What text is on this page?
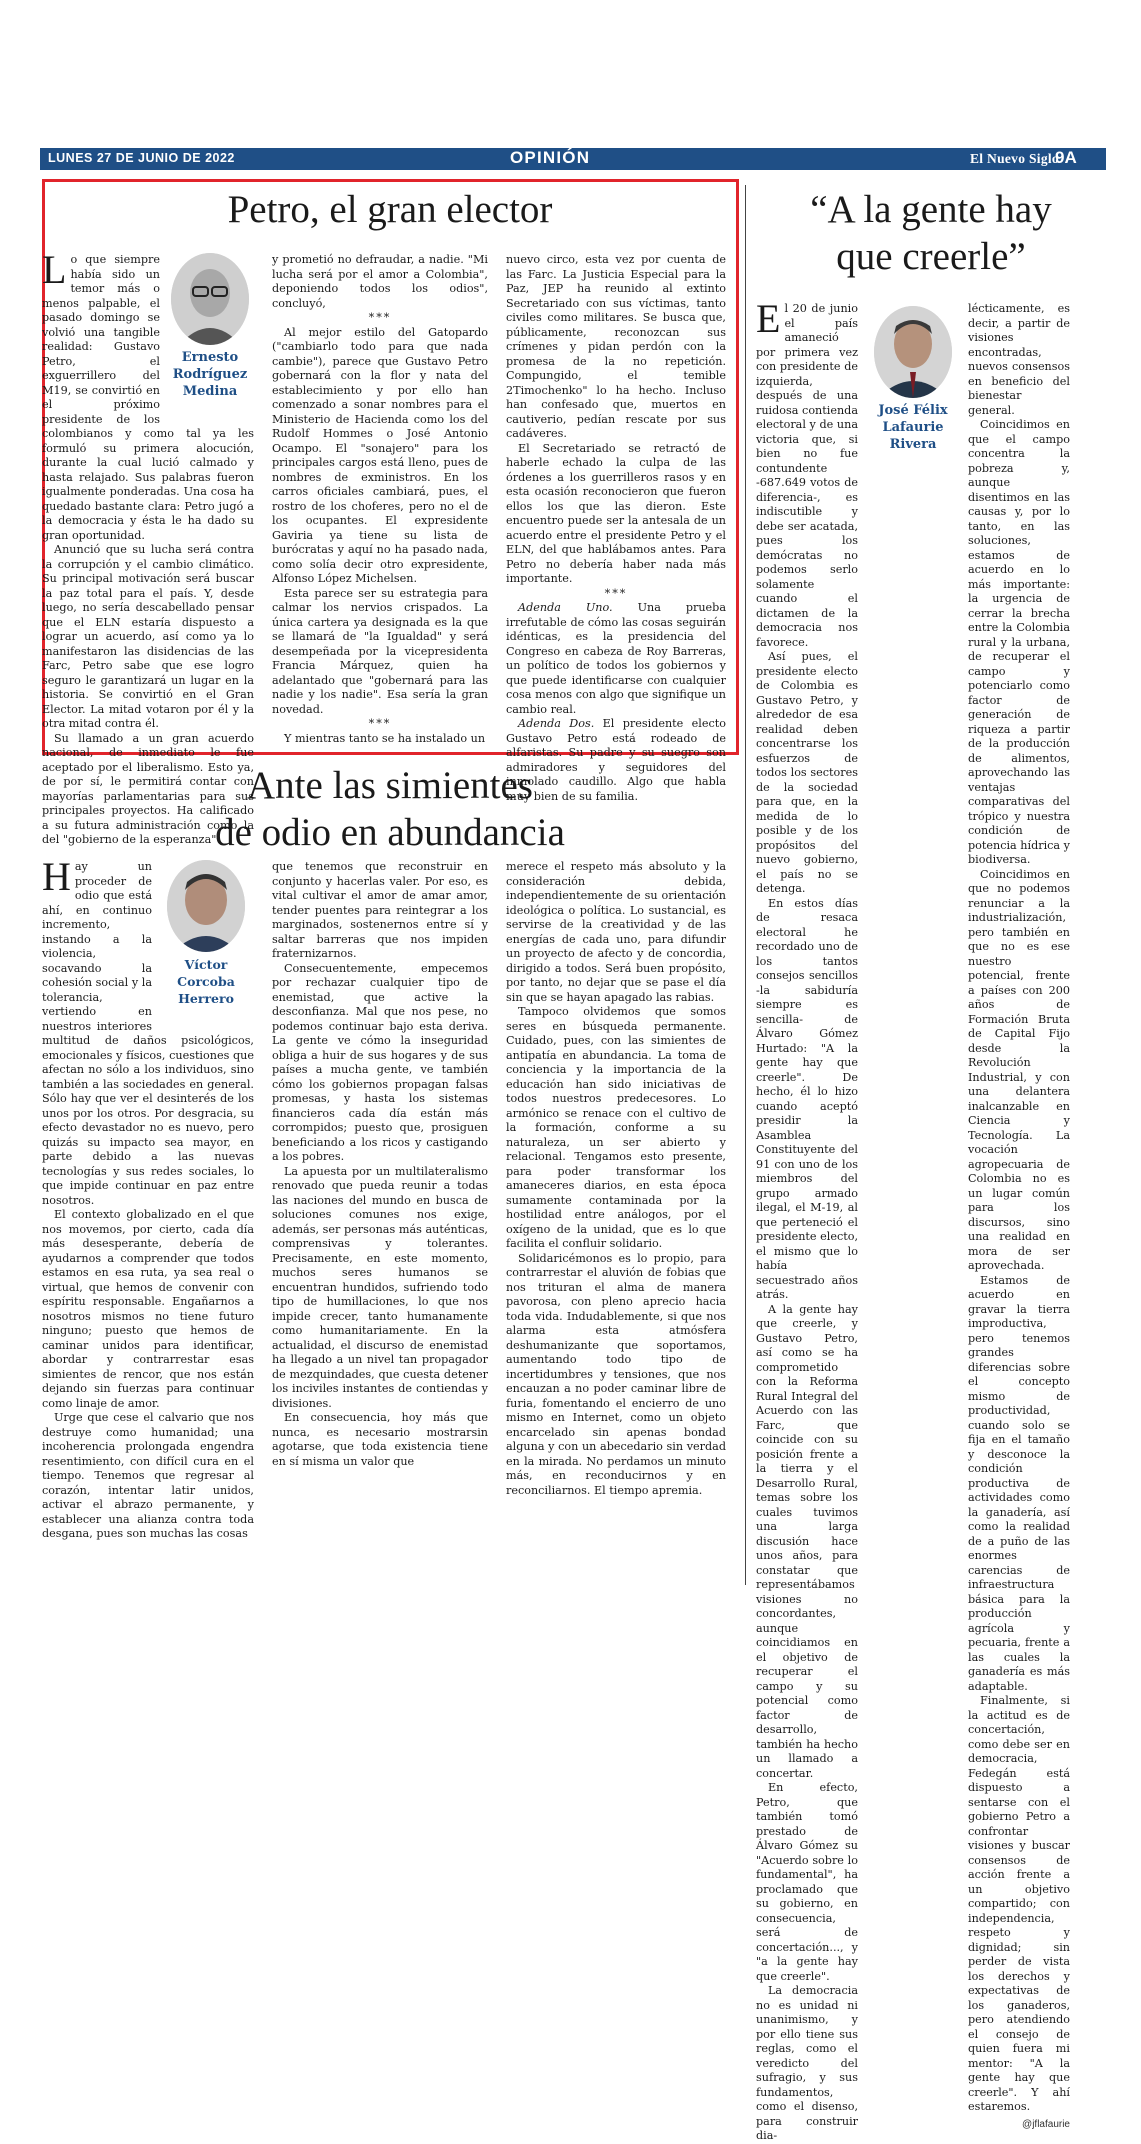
LUNES 27 DE JUNIO DE 2022	OPINIÓN	El Nuevo Siglo
9A
Petro, el gran elector
Ernesto
Rodríguez
Medina

Lo que siempre había sido un temor más o menos palpable, el pasado domingo se volvió una tangible realidad: Gustavo Petro, el exguerrillero del M19, se convirtió en el próximo presidente de los colombianos y como tal ya les formuló su primera alocución, durante la cual lució calmado y hasta relajado. Sus palabras fueron igualmente ponderadas. Una cosa ha quedado bastante clara: Petro jugó a la democracia y ésta le ha dado su gran oportunidad.

Anunció que su lucha será contra la corrupción y el cambio climático. Su principal motivación será buscar la paz total para el país. Y, desde luego, no sería descabellado pensar que el ELN estaría dispuesto a lograr un acuerdo, así como ya lo manifestaron las disidencias de las Farc, Petro sabe que ese logro seguro le garantizará un lugar en la historia. Se convirtió en el Gran Elector. La mitad votaron por él y la otra mitad contra él.

Su llamado a un gran acuerdo nacional, de inmediato le fue aceptado por el liberalismo. Esto ya, de por sí, le permitirá contar con mayorías parlamentarias para sus principales proyectos. Ha calificado a su futura administración como la del "gobierno de la esperanza"

y prometió no defraudar, a nadie. "Mi lucha será por el amor a Colombia", deponiendo todos los odios", concluyó,

***

Al mejor estilo del Gatopardo ("cambiarlo todo para que nada cambie"), parece que Gustavo Petro gobernará con la flor y nata del establecimiento y por ello han comenzado a sonar nombres para el Ministerio de Hacienda como los del Rudolf Hommes o José Antonio Ocampo. El "sonajero" para los principales cargos está lleno, pues de nombres de exministros. En los carros oficiales cambiará, pues, el rostro de los choferes, pero no el de los ocupantes. El expresidente Gaviria ya tiene su lista de burócratas y aquí no ha pasado nada, como solía decir otro expresidente, Alfonso López Michelsen.

Esta parece ser su estrategia para calmar los nervios crispados. La única cartera ya designada es la que se llamará de "la Igualdad" y será desempeñada por la vicepresidenta Francia Márquez, quien ha adelantado que "gobernará para las nadie y los nadie". Esa sería la gran novedad.

***

Y mientras tanto se ha instalado un

nuevo circo, esta vez por cuenta de las Farc. La Justicia Especial para la Paz, JEP ha reunido al extinto Secretariado con sus víctimas, tanto civiles como militares. Se busca que, públicamente, reconozcan sus crímenes y pidan perdón con la promesa de la no repetición. Compungido, el temible 2Timochenko" lo ha hecho. Incluso han confesado que, muertos en cautiverio, pedían rescate por sus cadáveres.

El Secretariado se retractó de haberle echado la culpa de las órdenes a los guerrilleros rasos y en esta ocasión reconocieron que fueron ellos los que las dieron. Este encuentro puede ser la antesala de un acuerdo entre el presidente Petro y el ELN, del que hablábamos antes. Para Petro no debería haber nada más importante.

***

Adenda Uno. Una prueba irrefutable de cómo las cosas seguirán idénticas, es la presidencia del Congreso en cabeza de Roy Barreras, un político de todos los gobiernos y que puede identificarse con cualquier cosa menos con algo que signifique un cambio real.

Adenda Dos. El presidente electo Gustavo Petro está rodeado de alfaristas. Su padre y su suegro son admiradores y seguidores del inmolado caudillo. Algo que habla muy bien de su familia.

Ante las simientes
de odio en abundancia
Víctor Corcoba
Herrero

Hay un proceder de odio que está ahí, en continuo incremento, instando a la violencia, socavando la cohesión social y la tolerancia, vertiendo en nuestros interiores multitud de daños psicológicos, emocionales y físicos, cuestiones que afectan no sólo a los individuos, sino también a las sociedades en general. Sólo hay que ver el desinterés de los unos por los otros. Por desgracia, su efecto devastador no es nuevo, pero quizás su impacto sea mayor, en parte debido a las nuevas tecnologías y sus redes sociales, lo que impide continuar en paz entre nosotros.

El contexto globalizado en el que nos movemos, por cierto, cada día más desesperante, debería de ayudarnos a comprender que todos estamos en esa ruta, ya sea real o virtual, que hemos de convenir con espíritu responsable. Engañarnos a nosotros mismos no tiene futuro ninguno; puesto que hemos de caminar unidos para identificar, abordar y contrarrestar esas simientes de rencor, que nos están dejando sin fuerzas para continuar como linaje de amor.

Urge que cese el calvario que nos destruye como humanidad; una incoherencia prolongada engendra resentimiento, con difícil cura en el tiempo. Tenemos que regresar al corazón, intentar latir unidos, activar el abrazo permanente, y establecer una alianza contra toda desgana, pues son muchas las cosas

que tenemos que reconstruir en conjunto y hacerlas valer. Por eso, es vital cultivar el amor de amar amor, tender puentes para reintegrar a los marginados, sostenernos entre sí y saltar barreras que nos impiden fraternizarnos.

Consecuentemente, empecemos por rechazar cualquier tipo de enemistad, que active la desconfianza. Mal que nos pese, no podemos continuar bajo esta deriva. La gente ve cómo la inseguridad obliga a huir de sus hogares y de sus países a mucha gente, ve también cómo los gobiernos propagan falsas promesas, y hasta los sistemas financieros cada día están más corrompidos; puesto que, prosiguen beneficiando a los ricos y castigando a los pobres.

La apuesta por un multilateralismo renovado que pueda reunir a todas las naciones del mundo en busca de soluciones comunes nos exige, además, ser personas más auténticas, comprensivas y tolerantes. Precisamente, en este momento, muchos seres humanos se encuentran hundidos, sufriendo todo tipo de humillaciones, lo que nos impide crecer, tanto humanamente como humanitariamente. En la actualidad, el discurso de enemistad ha llegado a un nivel tan propagador de mezquindades, que cuesta detener los inciviles instantes de contiendas y divisiones.

En consecuencia, hoy más que nunca, es necesario mostrarsin agotarse, que toda existencia tiene en sí misma un valor que

merece el respeto más absoluto y la consideración debida, independientemente de su orientación ideológica o política. Lo sustancial, es servirse de la creatividad y de las energías de cada uno, para difundir un proyecto de afecto y de concordia, dirigido a todos. Será buen propósito, por tanto, no dejar que se pase el día sin que se hayan apagado las rabias.

Tampoco olvidemos que somos seres en búsqueda permanente. Cuidado, pues, con las simientes de antipatía en abundancia. La toma de conciencia y la importancia de la educación han sido iniciativas de todos nuestros predecesores. Lo armónico se renace con el cultivo de la formación, conforme a su naturaleza, un ser abierto y relacional. Tengamos esto presente, para poder transformar los amaneceres diarios, en esta época sumamente contaminada por la hostilidad entre análogos, por el oxígeno de la unidad, que es lo que facilita el confluir solidario.

Solidaricémonos es lo propio, para contrarrestar el aluvión de fobias que nos trituran el alma de manera pavorosa, con pleno aprecio hacia toda vida. Indudablemente, si que nos alarma esta atmósfera deshumanizante que soportamos, aumentando todo tipo de incertidumbres y tensiones, que nos encauzan a no poder caminar libre de furia, fomentando el encierro de uno mismo en Internet, como un objeto encarcelado sin apenas bondad alguna y con un abecedario sin verdad en la mirada. No perdamos un minuto más, en reconducirnos y en reconciliarnos. El tiempo apremia.

“A la gente hay
que creerle”

El 20 de junio el país amaneció por primera vez con presidente de izquierda, después de una ruidosa contienda electoral y de una victoria que, si bien no fue contundente -687.649 votos de diferencia-, es indiscutible y debe ser acatada, pues los demócratas no podemos serlo solamente cuando el dictamen de la democracia nos favorece.

Así pues, el presidente electo de Colombia es Gustavo Petro, y alrededor de esa realidad deben concentrarse los esfuerzos de todos los sectores de la sociedad para que, en la medida de lo posible y de los propósitos del nuevo gobierno, el país no se detenga.

En estos días de resaca electoral he recordado uno de los tantos consejos sencillos -la sabiduría siempre es sencilla- de Álvaro Gómez Hurtado: "A la gente hay que creerle". De hecho, él lo hizo cuando aceptó presidir la Asamblea Constituyente del 91 con uno de los miembros del grupo armado ilegal, el M-19, al que perteneció el presidente electo, el mismo que lo había secuestrado años atrás.

A la gente hay que creerle, y Gustavo Petro, así como se ha comprometido con la Reforma Rural Integral del Acuerdo con las Farc, que coincide con su posición frente a la tierra y el Desarrollo Rural, temas sobre los cuales tuvimos una larga discusión hace unos años, para constatar que representábamos visiones no concordantes, aunque coincidiamos en el objetivo de recuperar el campo y su potencial como factor de desarrollo, también ha hecho un llamado a concertar.

En efecto, Petro, que también tomó prestado de Álvaro Gómez su "Acuerdo sobre lo fundamental", ha proclamado que su gobierno, en consecuencia, será de concertación..., y "a la gente hay que creerle".

La democracia no es unidad ni unanimismo, y por ello tiene sus reglas, como el veredicto del sufragio, y sus fundamentos, como el disenso, para construir dia-

José Félix
Lafaurie
Rivera

lécticamente, es decir, a partir de visiones encontradas, nuevos consensos en beneficio del bienestar general.

Coincidimos en que el campo concentra la pobreza y, aunque disentimos en las causas y, por lo tanto, en las soluciones, estamos de acuerdo en lo más importante: la urgencia de cerrar la brecha entre la Colombia rural y la urbana, de recuperar el campo y potenciarlo como factor de generación de riqueza a partir de la producción de alimentos, aprovechando las ventajas comparativas del trópico y nuestra condición de potencia hídrica y biodiversa.

Coincidimos en que no podemos renunciar a la industrialización, pero también en que no es ese nuestro potencial, frente a países con 200 años de Formación Bruta de Capital Fijo desde la Revolución Industrial, y con una delantera inalcanzable en Ciencia y Tecnología. La vocación agropecuaria de Colombia no es un lugar común para los discursos, sino una realidad en mora de ser aprovechada.

Estamos de acuerdo en gravar la tierra improductiva, pero tenemos grandes diferencias sobre el concepto mismo de productividad, cuando solo se fija en el tamaño y desconoce la condición productiva de actividades como la ganadería, así como la realidad de a puño de las enormes carencias de infraestructura básica para la producción agrícola y pecuaria, frente a las cuales la ganadería es más adaptable.

Finalmente, si la actitud es de concertación, como debe ser en democracia, Fedegán está dispuesto a sentarse con el gobierno Petro a confrontar visiones y buscar consensos de acción frente a un objetivo compartido; con independencia, respeto y dignidad; sin perder de vista los derechos y expectativas de los ganaderos, pero atendiendo el consejo de quien fuera mi mentor: "A la gente hay que creerle". Y ahí estaremos.

@jflafaurie
